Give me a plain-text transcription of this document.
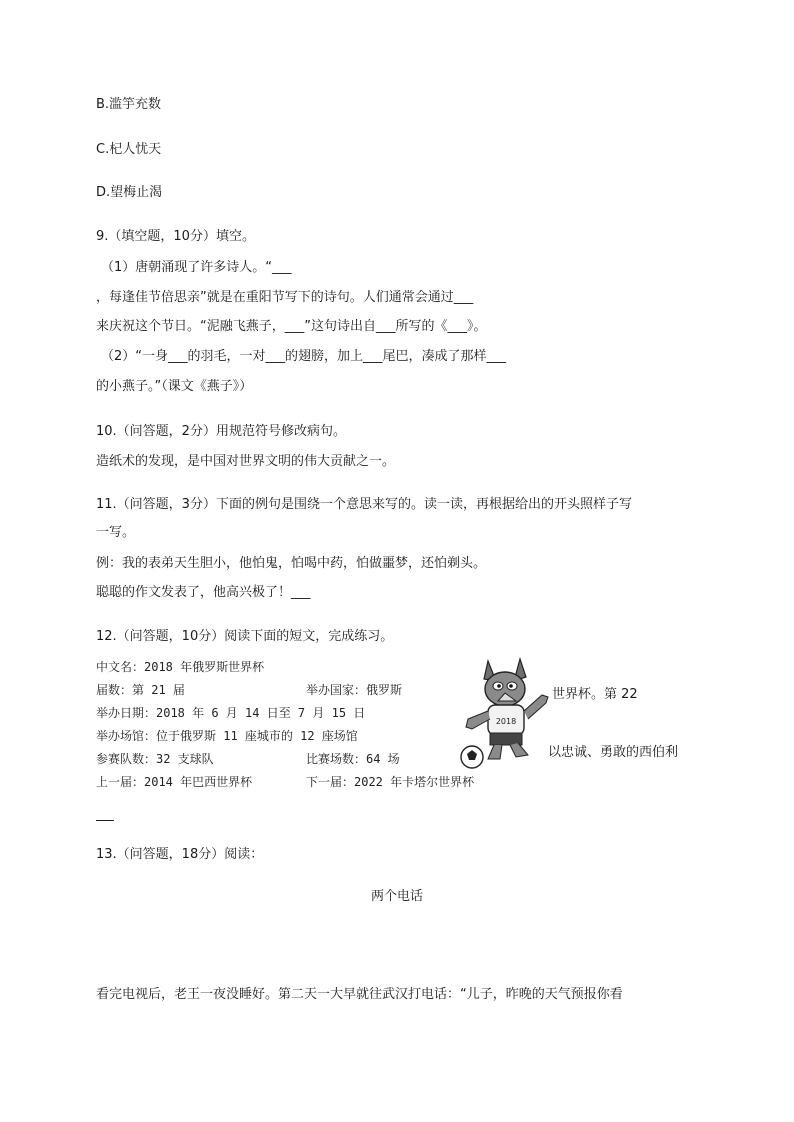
B.滥竽充数
C.杞人忧天
D.望梅止渴
9.（填空题，10分）填空。
（1）唐朝涌现了许多诗人。“___
，每逢佳节倍思亲”就是在重阳节写下的诗句。人们通常会通过___
来庆祝这个节日。“泥融飞燕子，___”这句诗出自___所写的《___》。
（2）“一身___的羽毛，一对___的翅膀，加上___尾巴，凑成了那样___
的小燕子。”（课文《燕子》）
10.（问答题，2分）用规范符号修改病句。
造纸术的发现，是中国对世界文明的伟大贡献之一。
11.（问答题，3分）下面的例句是围绕一个意思来写的。读一读，再根据给出的开头照样子写
一写。
例：我的表弟天生胆小，他怕鬼，怕喝中药，怕做噩梦，还怕剃头。
聪聪的作文发表了，他高兴极了！___
12.（问答题，10分）阅读下面的短文，完成练习。
中文名：2018 年俄罗斯世界杯
届数：第 21 届	举办国家：俄罗斯
举办日期：2018 年 6 月 14 日至 7 月 15 日
举办场馆：位于俄罗斯 11 座城市的 12 座场馆
参赛队数：32 支球队	比赛场数：64 场
上一届：2014 年巴西世界杯	下一届：2022 年卡塔尔世界杯
2018
世界杯。第 22
以忠诚、勇敢的西伯利
13.（问答题，18分）阅读：
两个电话
看完电视后，老王一夜没睡好。第二天一大早就往武汉打电话：“儿子，昨晚的天气预报你看
